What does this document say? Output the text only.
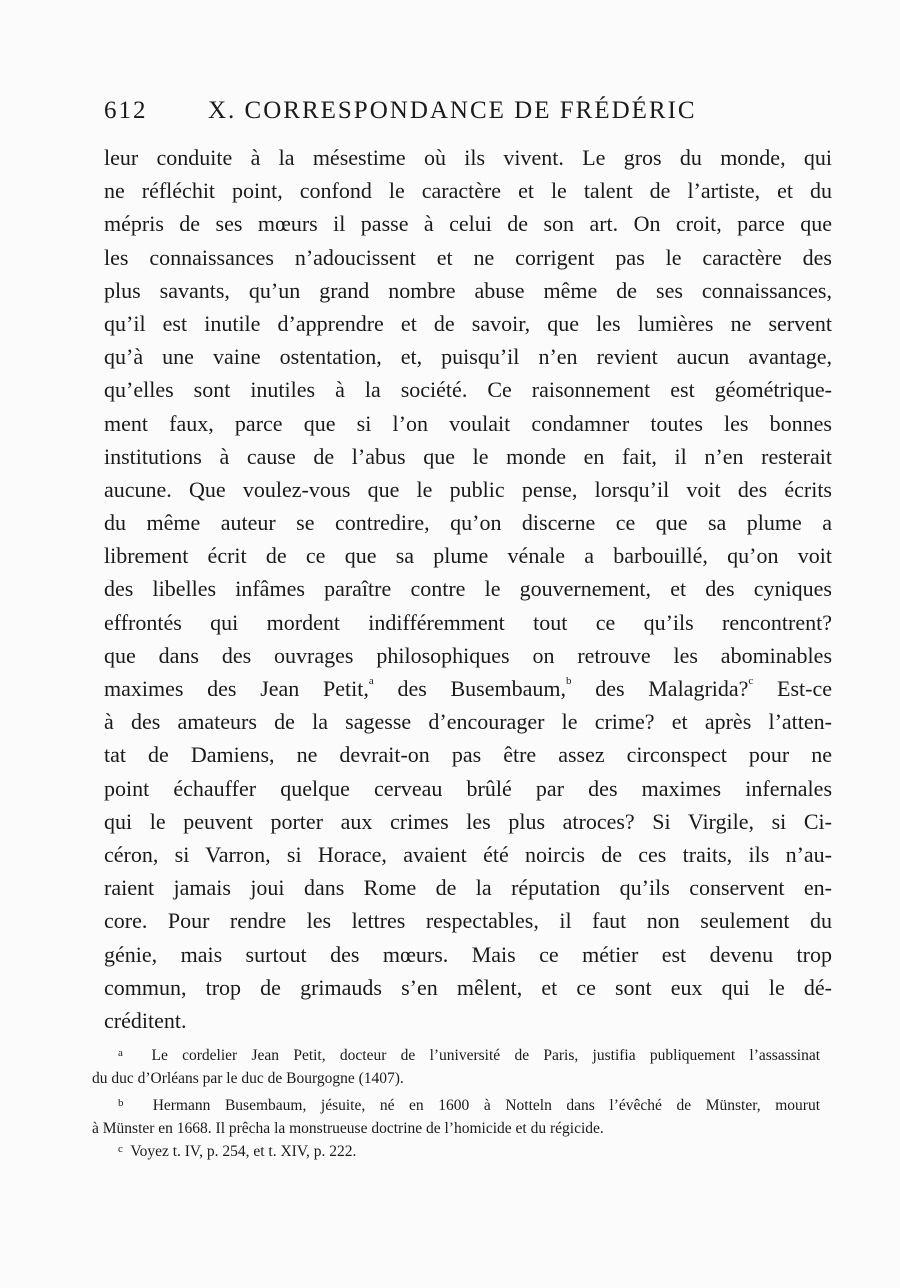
612 X. CORRESPONDANCE DE FRÉDÉRIC
leur conduite à la mésestime où ils vivent. Le gros du monde, qui
ne réfléchit point, confond le caractère et le talent de l’artiste, et du
mépris de ses mœurs il passe à celui de son art. On croit, parce que
les connaissances n’adoucissent et ne corrigent pas le caractère des
plus savants, qu’un grand nombre abuse même de ses connaissances,
qu’il est inutile d’apprendre et de savoir, que les lumières ne servent
qu’à une vaine ostentation, et, puisqu’il n’en revient aucun avantage,
qu’elles sont inutiles à la société. Ce raisonnement est géométrique-
ment faux, parce que si l’on voulait condamner toutes les bonnes
institutions à cause de l’abus que le monde en fait, il n’en resterait
aucune. Que voulez-vous que le public pense, lorsqu’il voit des écrits
du même auteur se contredire, qu’on discerne ce que sa plume a
librement écrit de ce que sa plume vénale a barbouillé, qu’on voit
des libelles infâmes paraître contre le gouvernement, et des cyniques
effrontés qui mordent indifféremment tout ce qu’ils rencontrent?
que dans des ouvrages philosophiques on retrouve les abominables
maximes des Jean Petit,$^a$ des Busembaum,$^b$ des Malagrida?$^c$ Est-ce
à des amateurs de la sagesse d’encourager le crime? et après l’atten-
tat de Damiens, ne devrait-on pas être assez circonspect pour ne
point échauffer quelque cerveau brûlé par des maximes infernales
qui le peuvent porter aux crimes les plus atroces? Si Virgile, si Ci-
céron, si Varron, si Horace, avaient été noircis de ces traits, ils n’au-
raient jamais joui dans Rome de la réputation qu’ils conservent en-
core. Pour rendre les lettres respectables, il faut non seulement du
génie, mais surtout des mœurs. Mais ce métier est devenu trop
commun, trop de grimauds s’en mêlent, et ce sont eux qui le dé-
créditent.
$^a$ Le cordelier Jean Petit, docteur de l’université de Paris, justifia publiquement l’assassinat
du duc d’Orléans par le duc de Bourgogne (1407).
$^b$ Hermann Busembaum, jésuite, né en 1600 à Notteln dans l’évêché de Münster, mourut
à Münster en 1668. Il prêcha la monstrueuse doctrine de l’homicide et du régicide.
$^c$ Voyez t. IV, p. 254, et t. XIV, p. 222.
